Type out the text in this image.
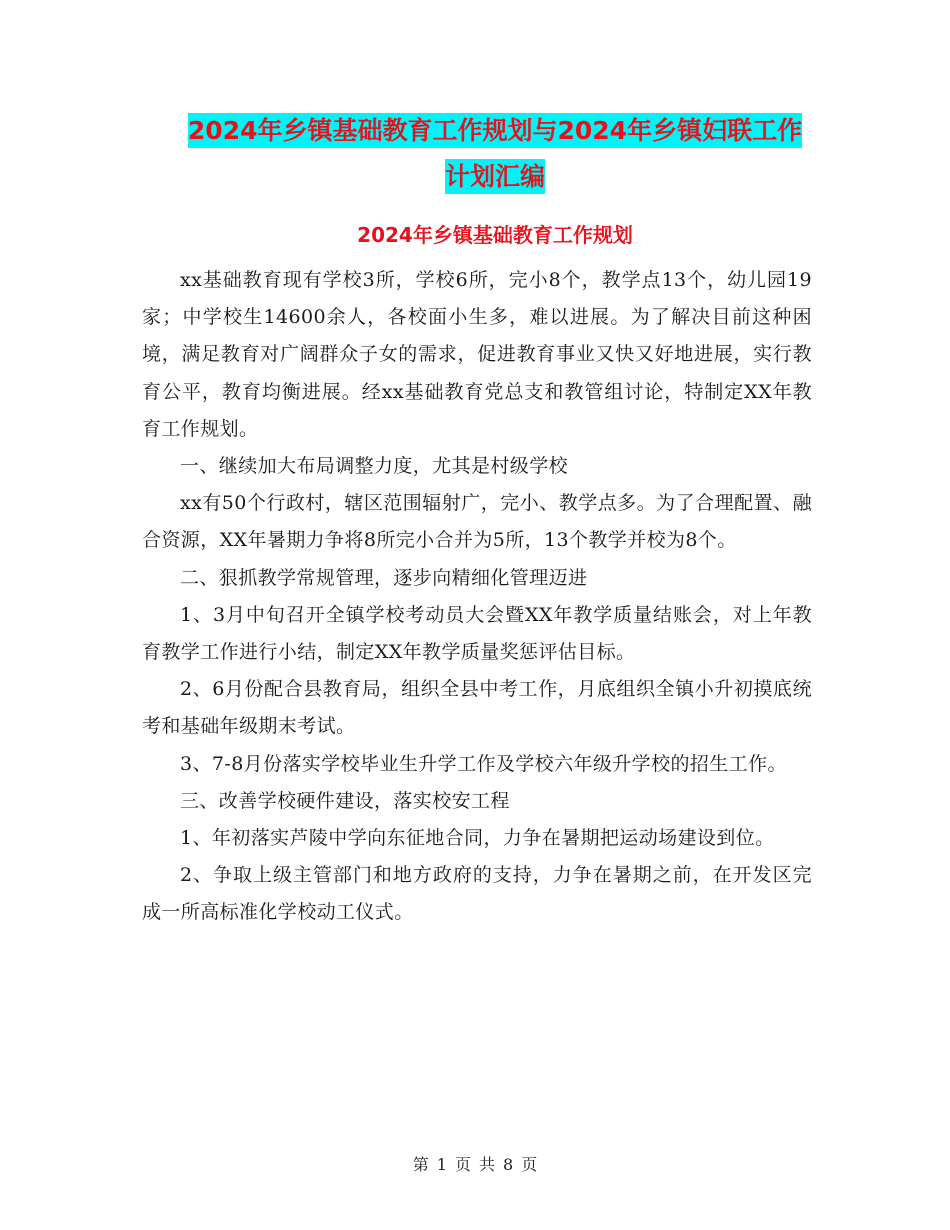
2024年乡镇基础教育工作规划与2024年乡镇妇联工作
计划汇编
2024年乡镇基础教育工作规划

xx基础教育现有学校3所，学校6所，完小8个，教学点13个，幼儿园19家；中学校生14600余人，各校面小生多，难以进展。为了解决目前这种困境，满足教育对广阔群众子女的需求，促进教育事业又快又好地进展，实行教育公平，教育均衡进展。经xx基础教育党总支和教管组讨论，特制定XX年教育工作规划。

一、继续加大布局调整力度，尤其是村级学校

xx有50个行政村，辖区范围辐射广，完小、教学点多。为了合理配置、融合资源，XX年暑期力争将8所完小合并为5所，13个教学并校为8个。

二、狠抓教学常规管理，逐步向精细化管理迈进

1、3月中旬召开全镇学校考动员大会暨XX年教学质量结账会，对上年教育教学工作进行小结，制定XX年教学质量奖惩评估目标。

2、6月份配合县教育局，组织全县中考工作，月底组织全镇小升初摸底统考和基础年级期末考试。

3、7-8月份落实学校毕业生升学工作及学校六年级升学校的招生工作。

三、改善学校硬件建设，落实校安工程

1、年初落实芦陵中学向东征地合同，力争在暑期把运动场建设到位。

2、争取上级主管部门和地方政府的支持，力争在暑期之前，在开发区完成一所高标准化学校动工仪式。

第 1 页 共 8 页
